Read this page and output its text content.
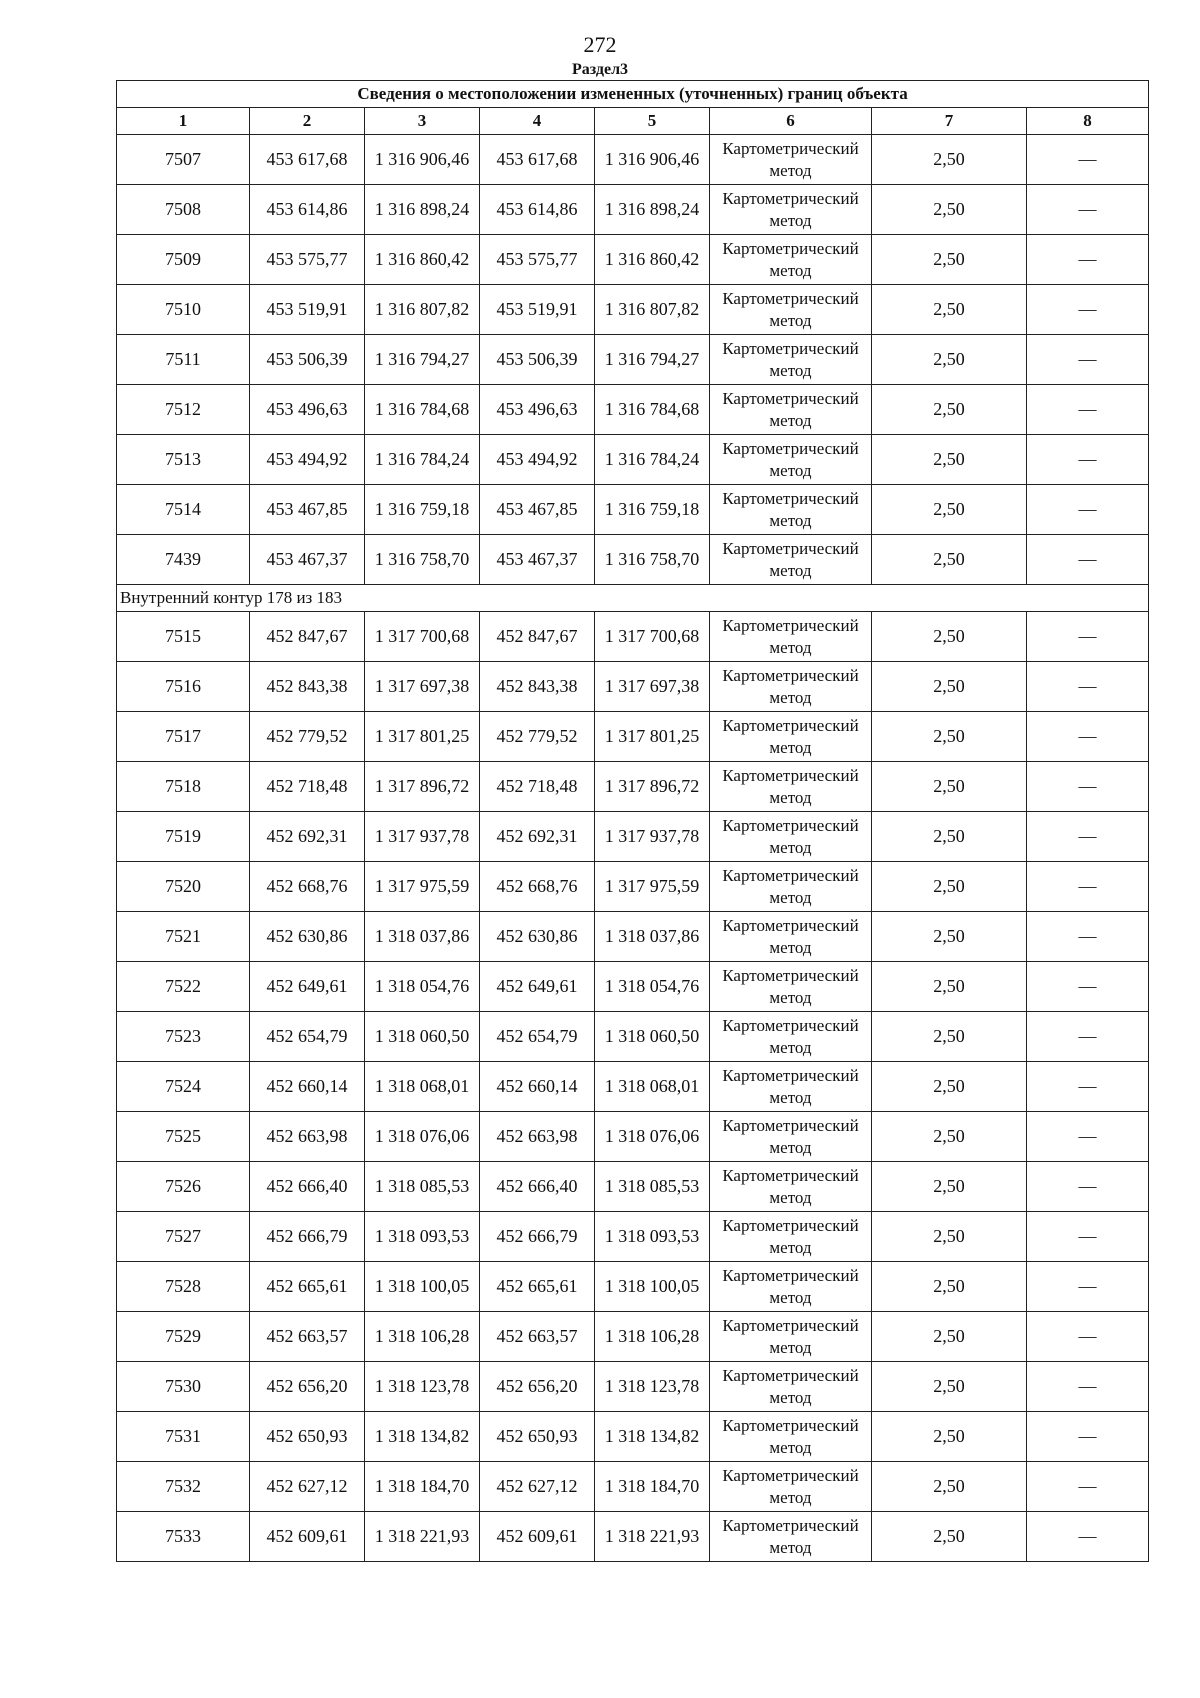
272
Раздел3
Сведения о местоположении измененных (уточненных) границ объекта							
1	2	3	4	5	6	7	8
7507	453 617,68	1 316 906,46	453 617,68	1 316 906,46	Картометрический метод	2,50	—
7508	453 614,86	1 316 898,24	453 614,86	1 316 898,24	Картометрический метод	2,50	—
7509	453 575,77	1 316 860,42	453 575,77	1 316 860,42	Картометрический метод	2,50	—
7510	453 519,91	1 316 807,82	453 519,91	1 316 807,82	Картометрический метод	2,50	—
7511	453 506,39	1 316 794,27	453 506,39	1 316 794,27	Картометрический метод	2,50	—
7512	453 496,63	1 316 784,68	453 496,63	1 316 784,68	Картометрический метод	2,50	—
7513	453 494,92	1 316 784,24	453 494,92	1 316 784,24	Картометрический метод	2,50	—
7514	453 467,85	1 316 759,18	453 467,85	1 316 759,18	Картометрический метод	2,50	—
7439	453 467,37	1 316 758,70	453 467,37	1 316 758,70	Картометрический метод	2,50	—
Внутренний контур 178 из 183							
7515	452 847,67	1 317 700,68	452 847,67	1 317 700,68	Картометрический метод	2,50	—
7516	452 843,38	1 317 697,38	452 843,38	1 317 697,38	Картометрический метод	2,50	—
7517	452 779,52	1 317 801,25	452 779,52	1 317 801,25	Картометрический метод	2,50	—
7518	452 718,48	1 317 896,72	452 718,48	1 317 896,72	Картометрический метод	2,50	—
7519	452 692,31	1 317 937,78	452 692,31	1 317 937,78	Картометрический метод	2,50	—
7520	452 668,76	1 317 975,59	452 668,76	1 317 975,59	Картометрический метод	2,50	—
7521	452 630,86	1 318 037,86	452 630,86	1 318 037,86	Картометрический метод	2,50	—
7522	452 649,61	1 318 054,76	452 649,61	1 318 054,76	Картометрический метод	2,50	—
7523	452 654,79	1 318 060,50	452 654,79	1 318 060,50	Картометрический метод	2,50	—
7524	452 660,14	1 318 068,01	452 660,14	1 318 068,01	Картометрический метод	2,50	—
7525	452 663,98	1 318 076,06	452 663,98	1 318 076,06	Картометрический метод	2,50	—
7526	452 666,40	1 318 085,53	452 666,40	1 318 085,53	Картометрический метод	2,50	—
7527	452 666,79	1 318 093,53	452 666,79	1 318 093,53	Картометрический метод	2,50	—
7528	452 665,61	1 318 100,05	452 665,61	1 318 100,05	Картометрический метод	2,50	—
7529	452 663,57	1 318 106,28	452 663,57	1 318 106,28	Картометрический метод	2,50	—
7530	452 656,20	1 318 123,78	452 656,20	1 318 123,78	Картометрический метод	2,50	—
7531	452 650,93	1 318 134,82	452 650,93	1 318 134,82	Картометрический метод	2,50	—
7532	452 627,12	1 318 184,70	452 627,12	1 318 184,70	Картометрический метод	2,50	—
7533	452 609,61	1 318 221,93	452 609,61	1 318 221,93	Картометрический метод	2,50	—
